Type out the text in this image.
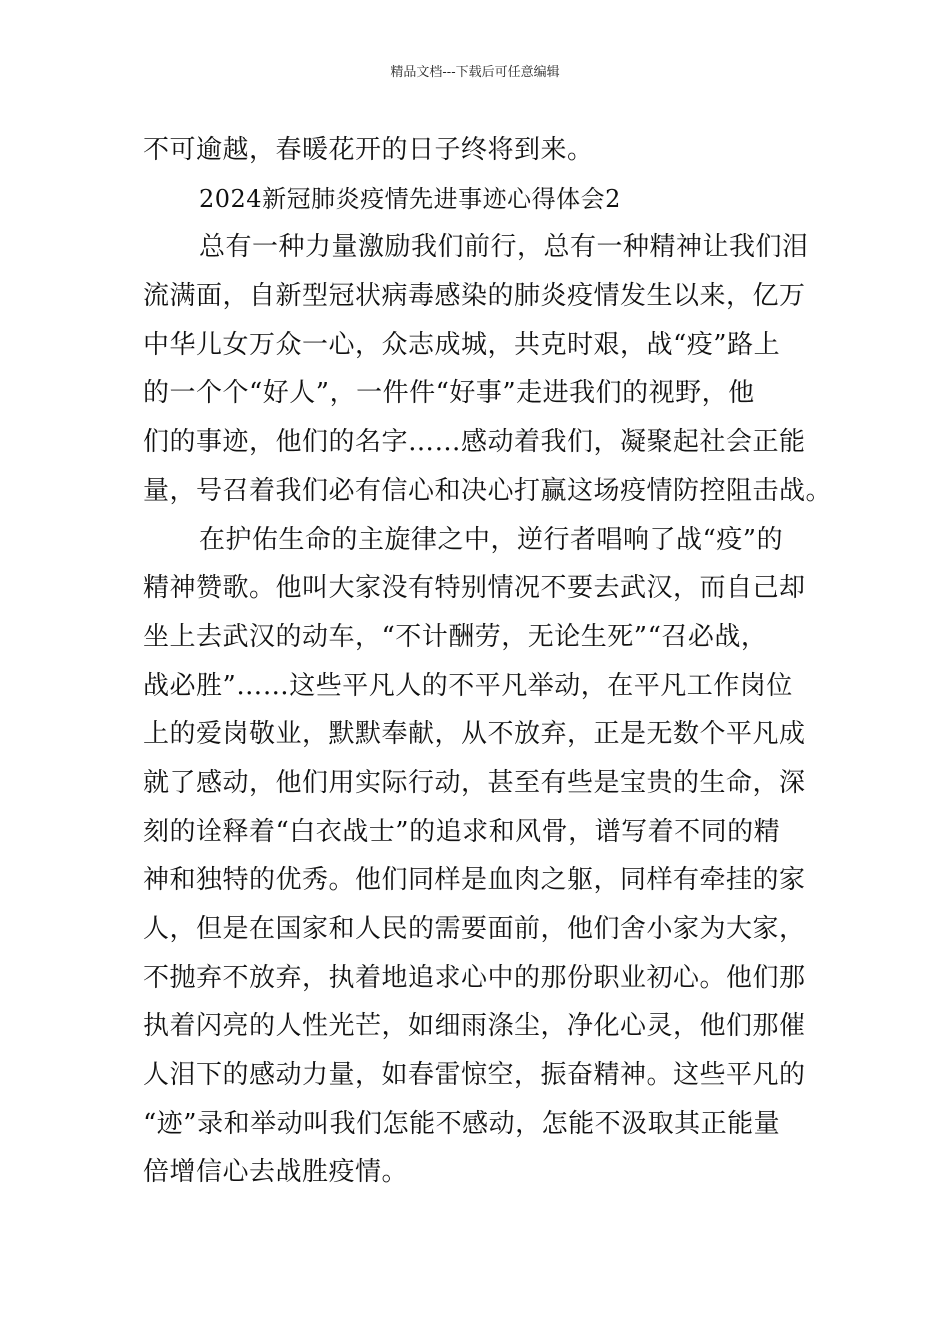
精品文档---下载后可任意编辑
不可逾越，春暖花开的日子终将到来。
2024新冠肺炎疫情先进事迹心得体会2
总有一种力量激励我们前行，总有一种精神让我们泪
流满面，自新型冠状病毒感染的肺炎疫情发生以来，亿万
中华儿女万众一心，众志成城，共克时艰，战“疫”路上
的一个个“好人”，一件件“好事”走进我们的视野，他
们的事迹，他们的名字……感动着我们，凝聚起社会正能
量，号召着我们必有信心和决心打赢这场疫情防控阻击战。
在护佑生命的主旋律之中，逆行者唱响了战“疫”的
精神赞歌。他叫大家没有特别情况不要去武汉，而自己却
坐上去武汉的动车，“不计酬劳，无论生死”“召必战，
战必胜”……这些平凡人的不平凡举动，在平凡工作岗位
上的爱岗敬业，默默奉献，从不放弃，正是无数个平凡成
就了感动，他们用实际行动，甚至有些是宝贵的生命，深
刻的诠释着“白衣战士”的追求和风骨，谱写着不同的精
神和独特的优秀。他们同样是血肉之躯，同样有牵挂的家
人，但是在国家和人民的需要面前，他们舍小家为大家，
不抛弃不放弃，执着地追求心中的那份职业初心。他们那
执着闪亮的人性光芒，如细雨涤尘，净化心灵，他们那催
人泪下的感动力量，如春雷惊空，振奋精神。这些平凡的
“迹”录和举动叫我们怎能不感动，怎能不汲取其正能量
倍增信心去战胜疫情。
